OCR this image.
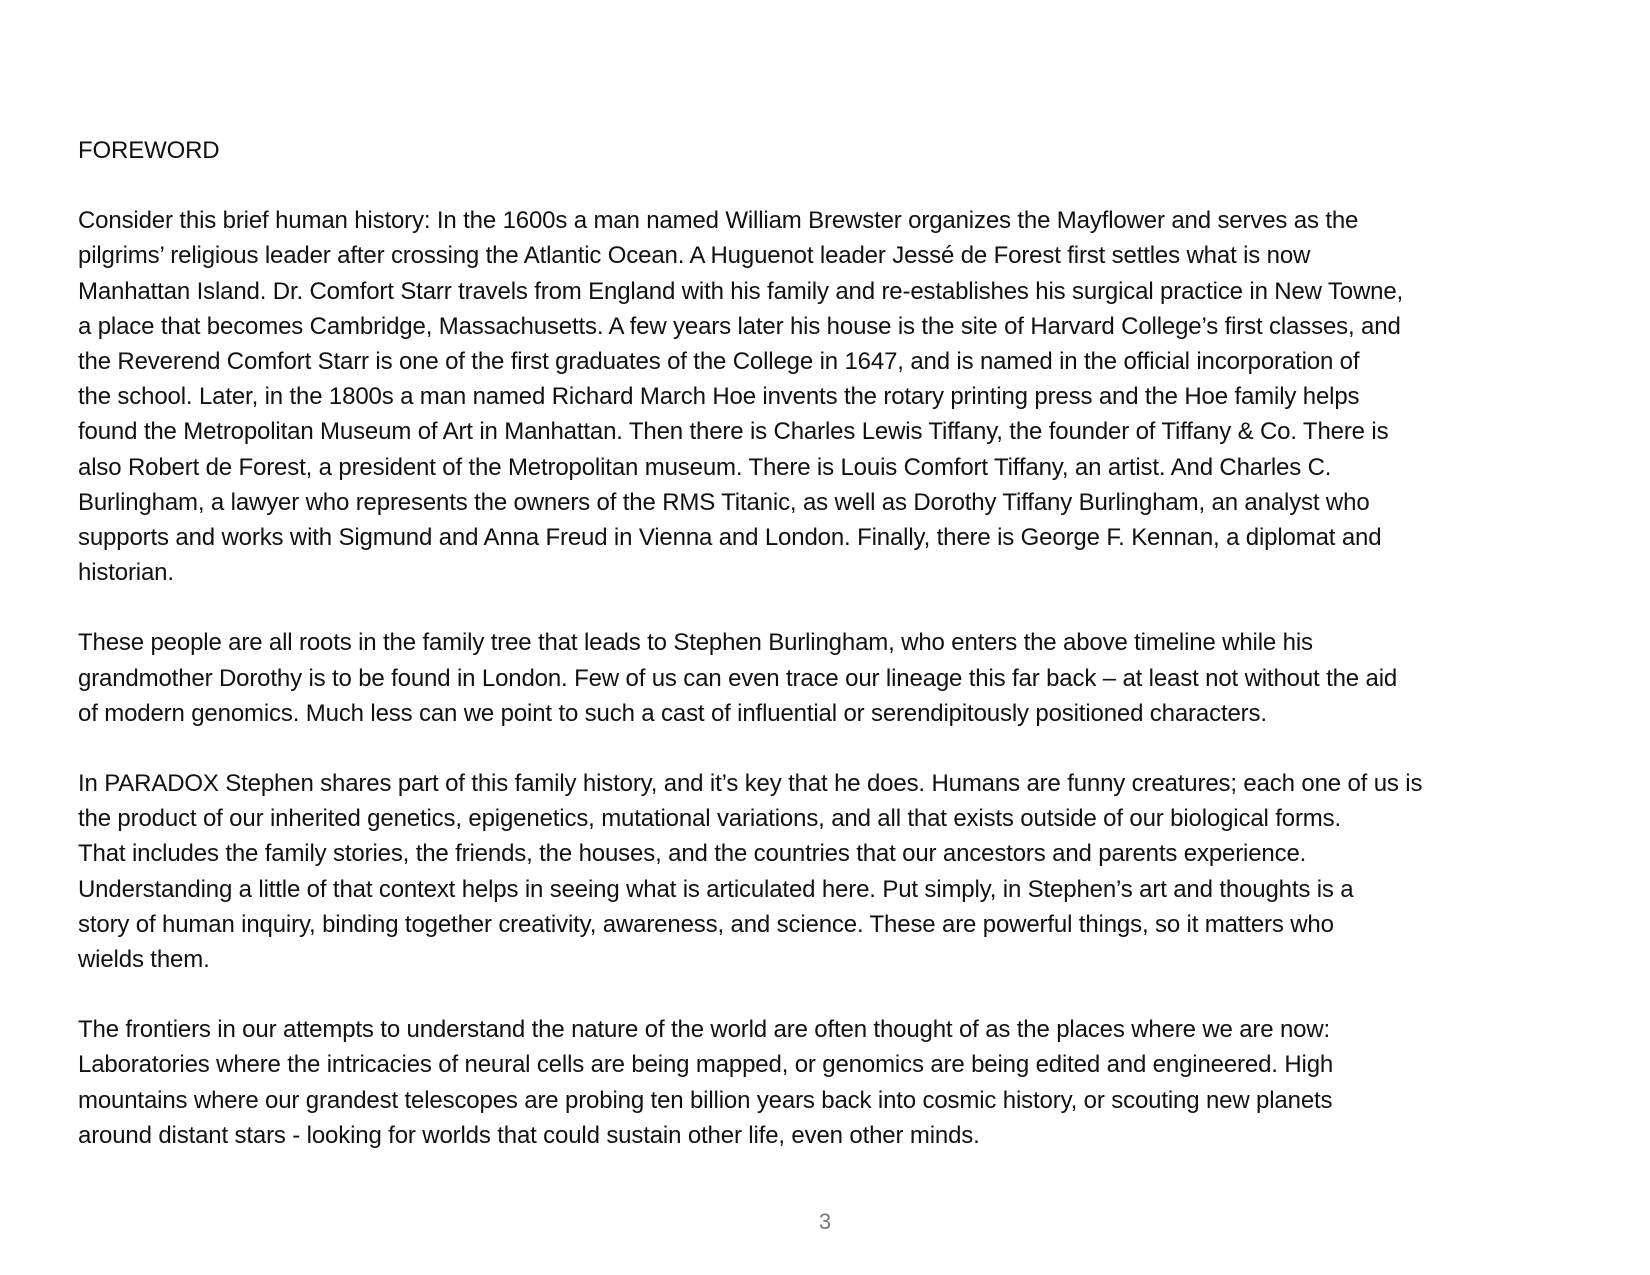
FOREWORD

Consider this brief human history: In the 1600s a man named William Brewster organizes the Mayflower and serves as the
pilgrims’ religious leader after crossing the Atlantic Ocean. A Huguenot leader Jessé de Forest first settles what is now
Manhattan Island. Dr. Comfort Starr travels from England with his family and re-establishes his surgical practice in New Towne,
a place that becomes Cambridge, Massachusetts. A few years later his house is the site of Harvard College’s first classes, and
the Reverend Comfort Starr is one of the first graduates of the College in 1647, and is named in the official incorporation of
the school. Later, in the 1800s a man named Richard March Hoe invents the rotary printing press and the Hoe family helps
found the Metropolitan Museum of Art in Manhattan. Then there is Charles Lewis Tiffany, the founder of Tiffany & Co. There is
also Robert de Forest, a president of the Metropolitan museum. There is Louis Comfort Tiffany, an artist. And Charles C.
Burlingham, a lawyer who represents the owners of the RMS Titanic, as well as Dorothy Tiffany Burlingham, an analyst who
supports and works with Sigmund and Anna Freud in Vienna and London. Finally, there is George F. Kennan, a diplomat and
historian.

These people are all roots in the family tree that leads to Stephen Burlingham, who enters the above timeline while his
grandmother Dorothy is to be found in London. Few of us can even trace our lineage this far back – at least not without the aid
of modern genomics. Much less can we point to such a cast of influential or serendipitously positioned characters.

In PARADOX Stephen shares part of this family history, and it’s key that he does. Humans are funny creatures; each one of us is
the product of our inherited genetics, epigenetics, mutational variations, and all that exists outside of our biological forms.
That includes the family stories, the friends, the houses, and the countries that our ancestors and parents experience.
Understanding a little of that context helps in seeing what is articulated here. Put simply, in Stephen’s art and thoughts is a
story of human inquiry, binding together creativity, awareness, and science. These are powerful things, so it matters who
wields them.

The frontiers in our attempts to understand the nature of the world are often thought of as the places where we are now:
Laboratories where the intricacies of neural cells are being mapped, or genomics are being edited and engineered. High
mountains where our grandest telescopes are probing ten billion years back into cosmic history, or scouting new planets
around distant stars - looking for worlds that could sustain other life, even other minds.

3
